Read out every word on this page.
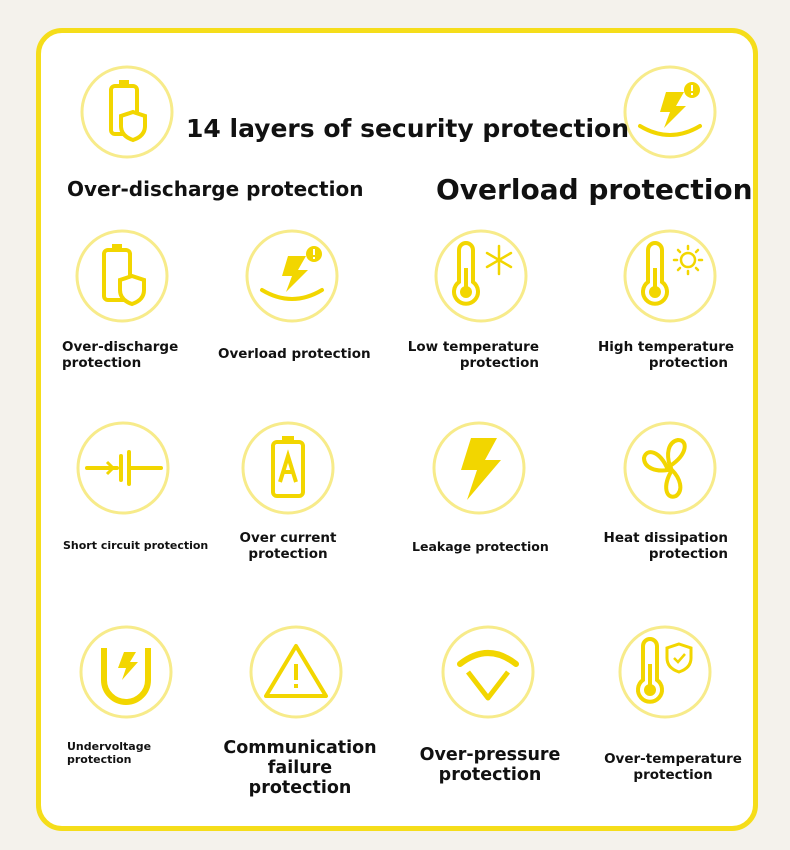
14 layers of security protection
Over-discharge protection	Overload protection
Over-discharge
protection
Overload protection	Low temperature
protection
High temperature
protection
Short circuit protection	Over current
protection	Leakage protection
Heat dissipation
protection
Undervoltage
protection
Communication
failure
protection
Over-pressure
protection
Over-temperature
protection
